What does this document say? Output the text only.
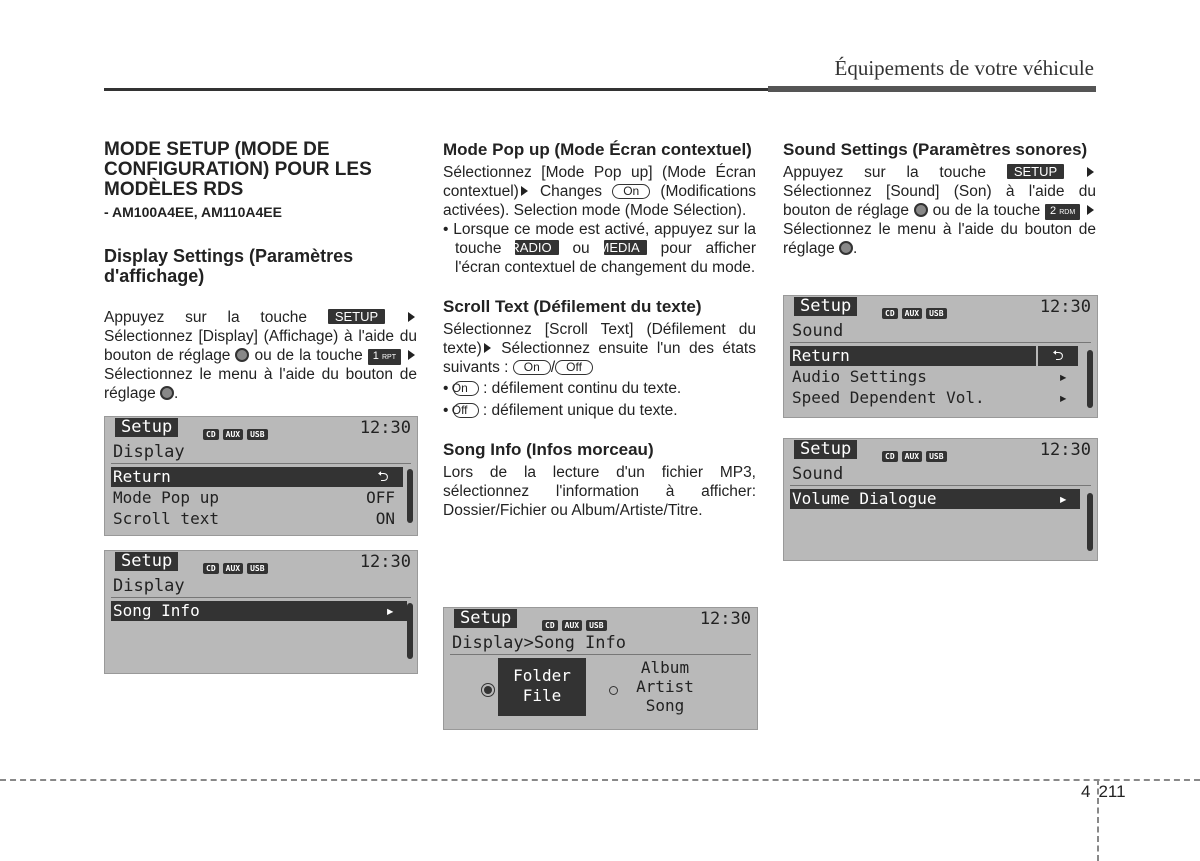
Équipements de votre véhicule
MODE SETUP (MODE DE CONFIGURATION) POUR LES MODÈLES RDS
- AM100A4EE, AM110A4EE
Display Settings (Paramètres d'affichage)

Appuyez sur la touche SETUP  Sélectionnez [Display] (Affichage) à l'aide du bouton de réglage ou de la touche 1 RPT  Sélectionnez le menu à l'aide du bouton de réglage .

Setup	CD AUX USB	12:30
Display
Return	⮌
Mode Pop up	OFF
Scroll text	ON
Setup	CD AUX USB	12:30
Display
Song Info	▸
Mode Pop up (Mode Écran contextuel)

Sélectionnez [Mode Pop up] (Mode Écran contextuel) Changes On (Modifications activées). Selection mode (Mode Sélection).

• Lorsque ce mode est activé, appuyez sur la touche RADIO ou MEDIA pour afficher l'écran contextuel de changement du mode.
Scroll Text (Défilement du texte)

Sélectionnez [Scroll Text] (Défilement du texte) Sélectionnez ensuite l'un des états suivants : On / Off

• On : défilement continu du texte.
• Off : défilement unique du texte.
Song Info (Infos morceau)

Lors de la lecture d'un fichier MP3, sélectionnez l'information à afficher: Dossier/Fichier ou Album/Artiste/Titre.

Setup	CD AUX USB	12:30
Display>Song Info
Folder
File
Album
Artist
Song
Sound Settings (Paramètres sonores)

Appuyez sur la touche SETUP  Sélectionnez [Sound] (Son) à l'aide du bouton de réglage ou de la touche 2 RDM  Sélectionnez le menu à l'aide du bouton de réglage .

Setup	CD AUX USB	12:30
Sound
Return	⮌
Audio Settings	▸
Speed Dependent Vol.	▸
Setup	CD AUX USB	12:30
Sound
Volume Dialogue	▸
4 211
